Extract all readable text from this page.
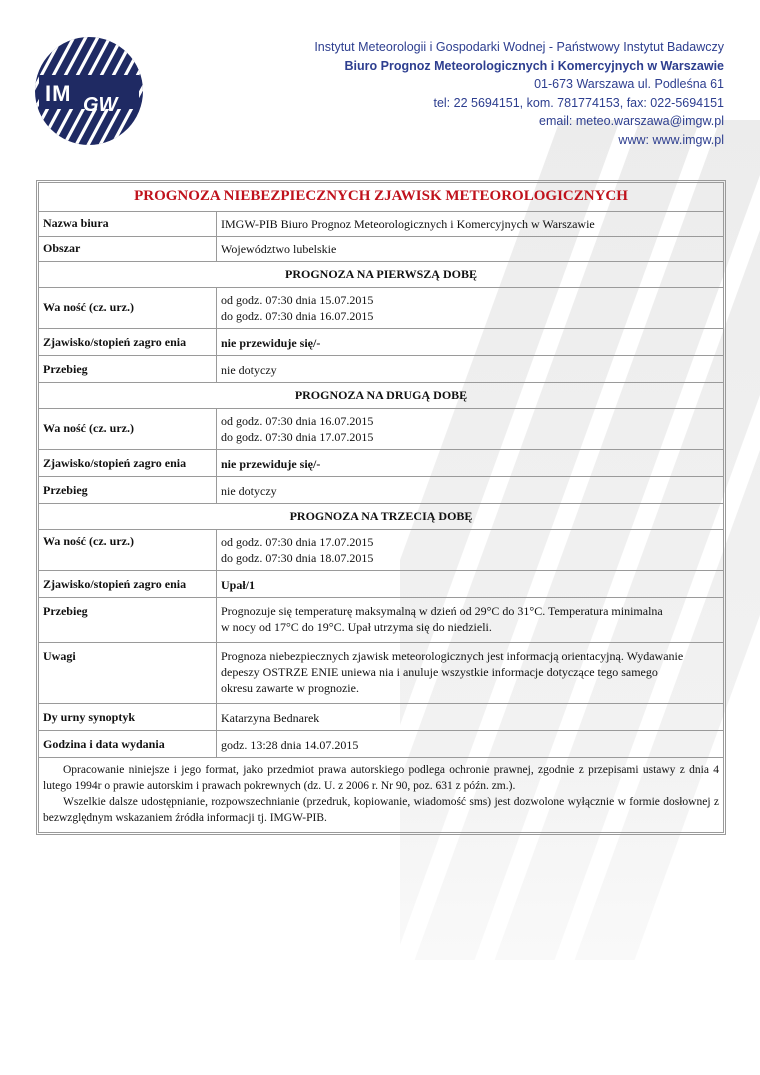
IM GW
Instytut Meteorologii i Gospodarki Wodnej - Państwowy Instytut Badawczy
Biuro Prognoz Meteorologicznych i Komercyjnych w Warszawie
01-673 Warszawa ul. Podleśna 61
tel: 22 5694151, kom. 781774153, fax: 022-5694151
email: meteo.warszawa@imgw.pl
www: www.imgw.pl
PROGNOZA NIEBEZPIECZNYCH ZJAWISK METEOROLOGICZNYCH
Nazwa biura	IMGW-PIB Biuro Prognoz Meteorologicznych i Komercyjnych w Warszawie
Obszar	Województwo lubelskie
PROGNOZA NA PIERWSZĄ DOBĘ
Wa ność (cz. urz.)	od godz. 07:30 dnia 15.07.2015
do godz. 07:30 dnia 16.07.2015
Zjawisko/stopień zagro enia	nie przewiduje się/-
Przebieg	nie dotyczy
PROGNOZA NA DRUGĄ DOBĘ
Wa ność (cz. urz.)	od godz. 07:30 dnia 16.07.2015
do godz. 07:30 dnia 17.07.2015
Zjawisko/stopień zagro enia	nie przewiduje się/-
Przebieg	nie dotyczy
PROGNOZA NA TRZECIĄ DOBĘ
Wa ność (cz. urz.)	od godz. 07:30 dnia 17.07.2015
do godz. 07:30 dnia 18.07.2015
Zjawisko/stopień zagro enia	Upał/1
Przebieg	Prognozuje się temperaturę maksymalną w dzień od 29°C do 31°C. Temperatura minimalna
w nocy od 17°C do 19°C. Upał utrzyma się do niedzieli.
Uwagi	Prognoza niebezpiecznych zjawisk meteorologicznych jest informacją orientacyjną. Wydawanie
depeszy OSTRZE ENIE uniewa nia i anuluje wszystkie informacje dotyczące tego samego
okresu zawarte w prognozie.
Dy urny synoptyk	Katarzyna Bednarek
Godzina i data wydania	godz. 13:28 dnia 14.07.2015

Opracowanie niniejsze i jego format, jako przedmiot prawa autorskiego podlega ochronie prawnej, zgodnie z przepisami ustawy z dnia 4 lutego 1994r o prawie autorskim i prawach pokrewnych (dz. U. z 2006 r. Nr 90, poz. 631 z późn. zm.).

Wszelkie dalsze udostępnianie, rozpowszechnianie (przedruk, kopiowanie, wiadomość sms) jest dozwolone wyłącznie w formie dosłownej z bezwzględnym wskazaniem źródła informacji tj. IMGW-PIB.
